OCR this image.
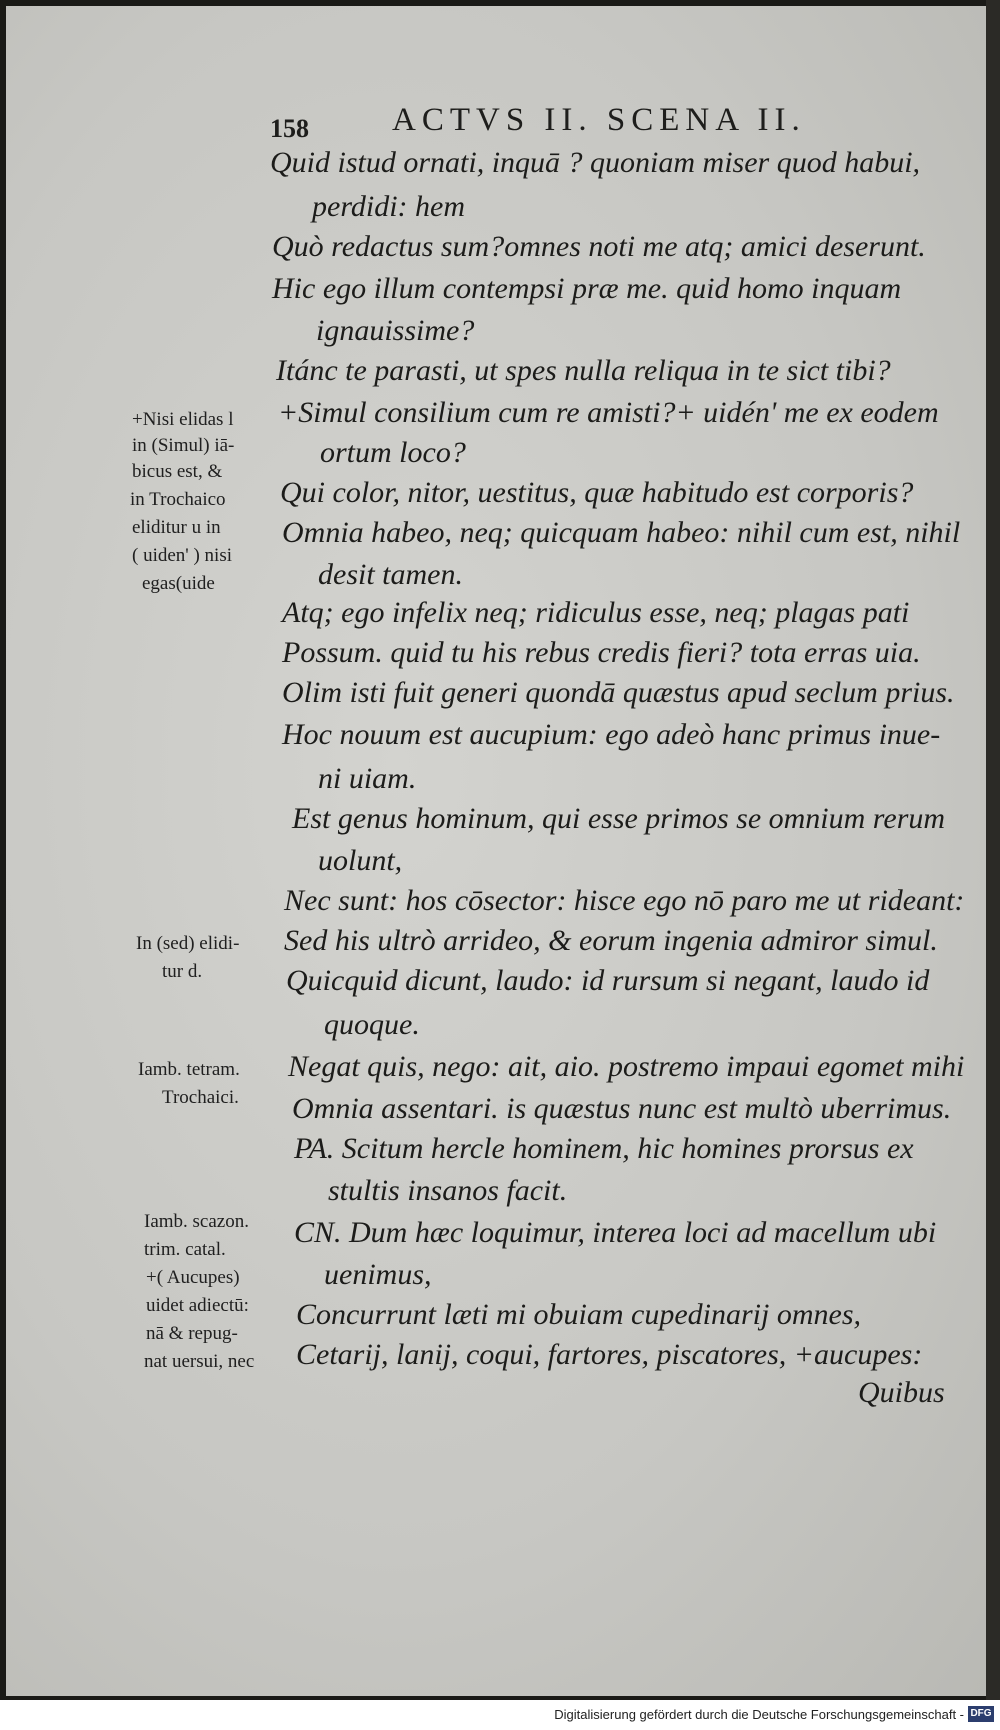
158	ACTVS II. SCENA II.
Quid istud ornati, inquā ? quoniam miser quod habui,
perdidi: hem
Quò redactus sum?omnes noti me atq; amici deserunt.
Hic ego illum contempsi præ me. quid homo inquam
ignauissime?
Itánc te parasti, ut spes nulla reliqua in te sict tibi?
+Simul consilium cum re amisti?+ uidén' me ex eodem
ortum loco?
Qui color, nitor, uestitus, quæ habitudo est corporis?
Omnia habeo, neq; quicquam habeo: nihil cum est, nihil
desit tamen.
Atq; ego infelix neq; ridiculus esse, neq; plagas pati
Possum. quid tu his rebus credis fieri? tota erras uia.
Olim isti fuit generi quondā quæstus apud seclum prius.
Hoc nouum est aucupium: ego adeò hanc primus inue-
ni uiam.
Est genus hominum, qui esse primos se omnium rerum
uolunt,
Nec sunt: hos cōsector: hisce ego nō paro me ut rideant:
Sed his ultrò arrideo, & eorum ingenia admiror simul.
Quicquid dicunt, laudo: id rursum si negant, laudo id
quoque.
Negat quis, nego: ait, aio. postremo impaui egomet mihi
Omnia assentari. is quæstus nunc est multò uberrimus.
PA. Scitum hercle hominem, hic homines prorsus ex
stultis insanos facit.
CN. Dum hæc loquimur, interea loci ad macellum ubi
uenimus,
Concurrunt læti mi obuiam cupedinarij omnes,
Cetarij, lanij, coqui, fartores, piscatores, +aucupes:
Quibus
+Nisi elidas l
in (Simul) iā-
bicus est, &
in Trochaico
eliditur u in
( uiden' ) nisi
egas(uide
In (sed) elidi-
tur d.
Iamb. tetram.
Trochaici.
Iamb. scazon.
trim. catal.
+( Aucupes)
uidet adiectū:
nā & repug-
nat uersui, nec
Digitalisierung gefördert durch die Deutsche Forschungsgemeinschaft - DFG
